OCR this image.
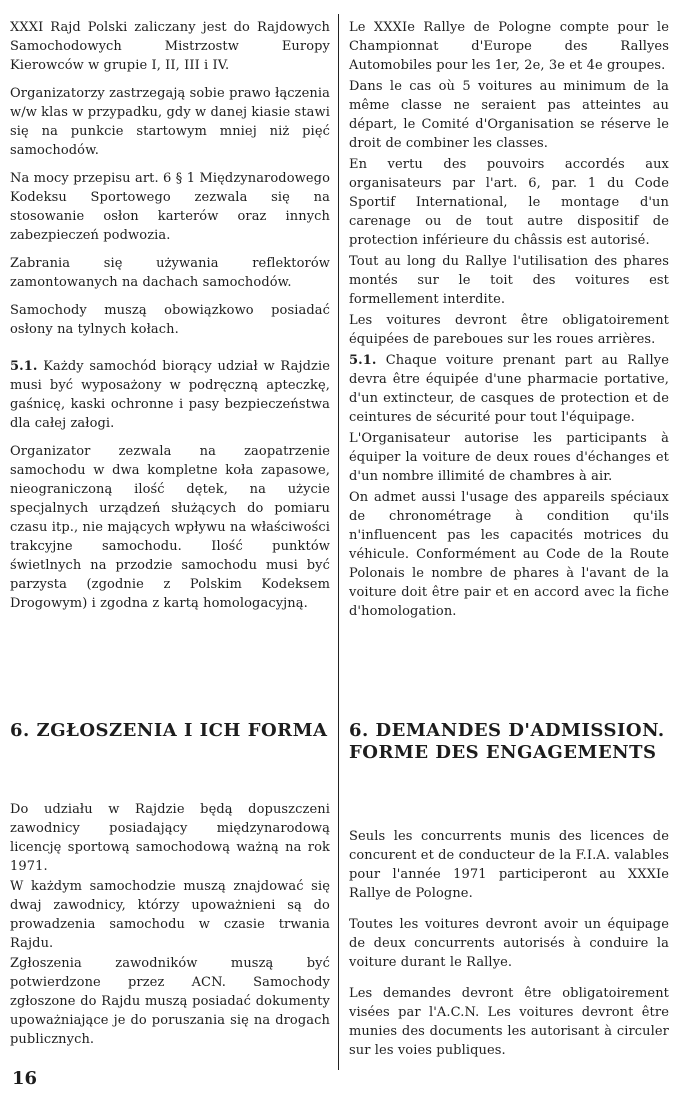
XXXI Rajd Polski zaliczany jest do Rajdowych Samochodowych Mistrzostw Europy Kierowców w grupie I, II, III i IV.

Organizatorzy zastrzegają sobie prawo łączenia w/w klas w przypadku, gdy w danej kiasie stawi się na punkcie startowym mniej niż pięć samochodów.

Na mocy przepisu art. 6 § 1 Międzynarodowego Kodeksu Sportowego zezwala się na stosowanie osłon karterów oraz innych zabezpieczeń podwozia.

Zabrania się używania reflektorów zamontowanych na dachach samochodów.

Samochody muszą obowiązkowo posiadać osłony na tylnych kołach.

5.1. Każdy samochód biorący udział w Rajdzie musi być wyposażony w podręczną apteczkę, gaśnicę, kaski ochronne i pasy bezpieczeństwa dla całej załogi.

Organizator zezwala na zaopatrzenie samochodu w dwa kompletne koła zapasowe, nieograniczoną ilość dętek, na użycie specjalnych urządzeń służących do pomiaru czasu itp., nie mających wpływu na właściwości trakcyjne samochodu. Ilość punktów świetlnych na przodzie samochodu musi być parzysta (zgodnie z Polskim Kodeksem Drogowym) i zgodna z kartą homologacyjną.

Le XXXIe Rallye de Pologne compte pour le Championnat d'Europe des Rallyes Automobiles pour les 1er, 2e, 3e et 4e groupes.

Dans le cas où 5 voitures au minimum de la même classe ne seraient pas atteintes au départ, le Comité d'Organisation se réserve le droit de combiner les classes.

En vertu des pouvoirs accordés aux organisateurs par l'art. 6, par. 1 du Code Sportif International, le montage d'un carenage ou de tout autre dispositif de protection inférieure du châssis est autorisé.

Tout au long du Rallye l'utilisation des phares montés sur le toit des voitures est formellement interdite.

Les voitures devront être obligatoirement équipées de pareboues sur les roues arrières.

5.1. Chaque voiture prenant part au Rallye devra être équipée d'une pharmacie portative, d'un extincteur, de casques de protection et de ceintures de sécurité pour tout l'équipage.

L'Organisateur autorise les participants à équiper la voiture de deux roues d'échanges et d'un nombre illimité de chambres à air.

On admet aussi l'usage des appareils spéciaux de chronométrage à condition qu'ils n'influencent pas les capacités motrices du véhicule. Conformément au Code de la Route Polonais le nombre de phares à l'avant de la voiture doit être pair et en accord avec la fiche d'homologation.

6. ZGŁOSZENIA I ICH FORMA 6. DEMANDES D'ADMISSION. FORME DES ENGAGEMENTS

Do udziału w Rajdzie będą dopuszczeni zawodnicy posiadający międzynarodową licencję sportową samochodową ważną na rok 1971.

W każdym samochodzie muszą znajdować się dwaj zawodnicy, którzy upoważnieni są do prowadzenia samochodu w czasie trwania Rajdu.

Zgłoszenia zawodników muszą być potwierdzone przez ACN. Samochody zgłoszone do Rajdu muszą posiadać dokumenty upoważniające je do poruszania się na drogach publicznych.

Seuls les concurrents munis des licences de concurent et de conducteur de la F.I.A. valables pour l'année 1971 participeront au XXXIe Rallye de Pologne.

Toutes les voitures devront avoir un équipage de deux concurrents autorisés à conduire la voiture durant le Rallye.

Les demandes devront être obligatoirement visées par l'A.C.N. Les voitures devront être munies des documents les autorisant à circuler sur les voies publiques.

16
